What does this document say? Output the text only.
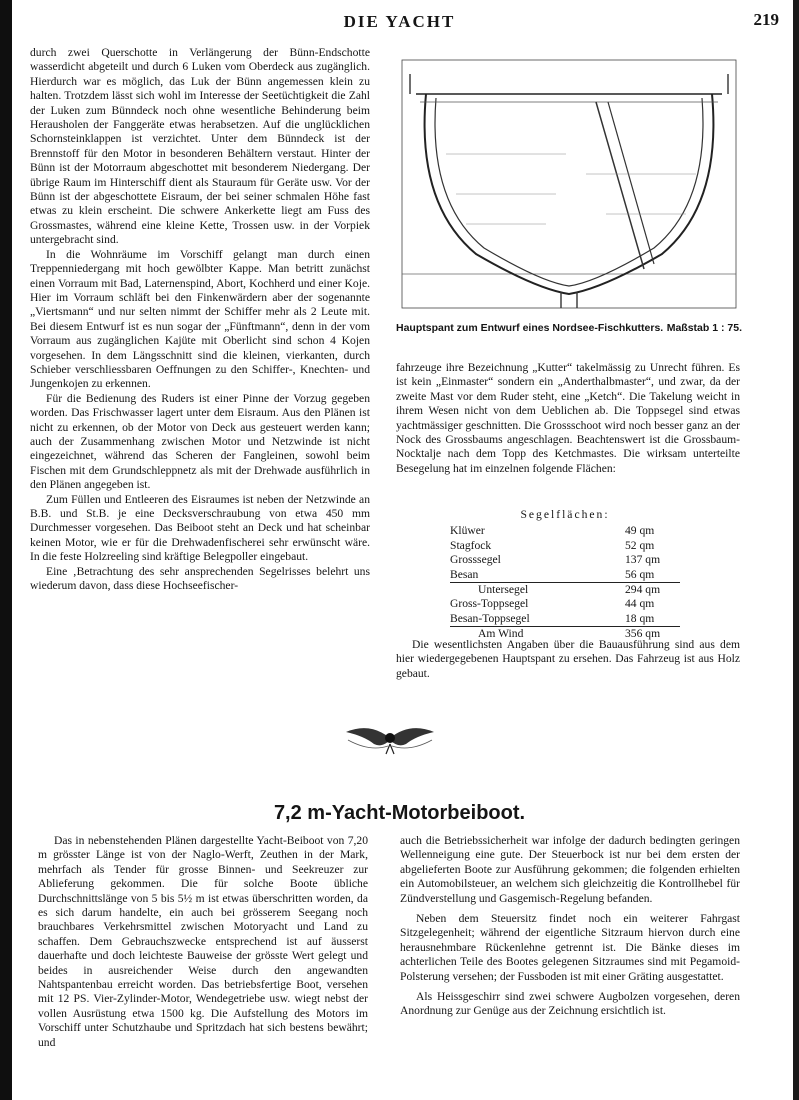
DIE YACHT	219

durch zwei Querschotte in Verlängerung der Bünn-Endschotte wasserdicht abgeteilt und durch 6 Luken vom Oberdeck aus zugänglich. Hierdurch war es möglich, das Luk der Bünn angemessen klein zu halten. Trotzdem lässt sich wohl im Interesse der Seetüchtigkeit die Zahl der Luken zum Bünndeck noch ohne wesentliche Behinderung beim Herausholen der Fanggeräte etwas herabsetzen. Auf die unglücklichen Schornsteinklappen ist verzichtet. Unter dem Bünndeck ist der Brennstoff für den Motor in besonderen Behältern verstaut. Hinter der Bünn ist der Motorraum abgeschottet mit besonderem Niedergang. Der übrige Raum im Hinterschiff dient als Stauraum für Geräte usw. Vor der Bünn ist der abgeschottete Eisraum, der bei seiner schmalen Höhe fast etwas zu klein erscheint. Die schwere Ankerkette liegt am Fuss des Grossmastes, während eine kleine Kette, Trossen usw. in der Vorpiek untergebracht sind.

In die Wohnräume im Vorschiff gelangt man durch einen Treppenniedergang mit hoch gewölbter Kappe. Man betritt zunächst einen Vorraum mit Bad, Laternenspind, Abort, Kochherd und einer Koje. Hier im Vorraum schläft bei den Finkenwärdern aber der sogenannte „Viertsmann“ und nur selten nimmt der Schiffer mehr als 2 Leute mit. Bei diesem Entwurf ist es nun sogar der „Fünftmann“, denn in der vom Vorraum aus zugänglichen Kajüte mit Oberlicht sind schon 4 Kojen vorgesehen. In dem Längsschnitt sind die kleinen, vierkanten, durch Schieber verschliessbaren Oeffnungen zu den Schiffer-, Knechten- und Jungenkojen zu erkennen.

Für die Bedienung des Ruders ist einer Pinne der Vorzug gegeben worden. Das Frischwasser lagert unter dem Eisraum. Aus den Plänen ist nicht zu erkennen, ob der Motor von Deck aus gesteuert werden kann; auch der Zusammenhang zwischen Motor und Netzwinde ist nicht eingezeichnet, während das Scheren der Fangleinen, sowohl beim Fischen mit dem Grundschleppnetz als mit der Drehwade ausführlich in den Plänen angegeben ist.

Zum Füllen und Entleeren des Eisraumes ist neben der Netzwinde an B.B. und St.B. je eine Decksverschraubung von etwa 450 mm Durchmesser vorgesehen. Das Beiboot steht an Deck und hat scheinbar keinen Motor, wie er für die Drehwadenfischerei sehr erwünscht wäre. In die feste Holzreeling sind kräftige Belegpoller eingebaut.

Eine ‚Betrachtung des sehr ansprechenden Segelrisses belehrt uns wiederum davon, dass diese Hochseefischer-

Hauptspant zum Entwurf eines Nordsee-Fischkutters. Maßstab 1 : 75.

fahrzeuge ihre Bezeichnung „Kutter“ takelmässig zu Unrecht führen. Es ist kein „Einmaster“ sondern ein „Anderthalbmaster“, und zwar, da der zweite Mast vor dem Ruder steht, eine „Ketch“. Die Takelung weicht in ihrem Wesen nicht von dem Ueblichen ab. Die Toppsegel sind etwas yachtmässiger geschnitten. Die Grossschoot wird noch besser ganz an der Nock des Grossbaums angeschlagen. Beachtenswert ist die Grossbaum-Nocktalje nach dem Topp des Ketchmastes. Die wirksam unterteilte Besegelung hat im einzelnen folgende Flächen:

Segelflächen:
Klüwer	49 qm
Stagfock	52 qm
Grosssegel	137 qm
Besan	56 qm
Untersegel	294 qm
Gross-Toppsegel	44 qm
Besan-Toppsegel	18 qm
Am Wind	356 qm

Die wesentlichsten Angaben über die Bauausführung sind aus dem hier wiedergegebenen Hauptspant zu ersehen. Das Fahrzeug ist aus Holz gebaut.

7,2 m-Yacht-Motorbeiboot.

Das in nebenstehenden Plänen dargestellte Yacht-Beiboot von 7,20 m grösster Länge ist von der Naglo-Werft, Zeuthen in der Mark, mehrfach als Tender für grosse Binnen- und Seekreuzer zur Ablieferung gekommen. Die für solche Boote übliche Durchschnittslänge von 5 bis 5½ m ist etwas überschritten worden, da es sich darum handelte, ein auch bei grösserem Seegang noch brauchbares Verkehrsmittel zwischen Motoryacht und Land zu schaffen. Dem Gebrauchszwecke entsprechend ist auf äusserst dauerhafte und doch leichteste Bauweise der grösste Wert gelegt und beides in ausreichender Weise durch den angewandten Nahtspantenbau erreicht worden. Das betriebsfertige Boot, versehen mit 12 PS. Vier-Zylinder-Motor, Wendegetriebe usw. wiegt nebst der vollen Ausrüstung etwa 1500 kg. Die Aufstellung des Motors im Vorschiff unter Schutzhaube und Spritzdach hat sich bestens bewährt; und

auch die Betriebssicherheit war infolge der dadurch bedingten geringen Wellenneigung eine gute. Der Steuerbock ist nur bei dem ersten der abgelieferten Boote zur Ausführung gekommen; die folgenden erhielten ein Automobilsteuer, an welchem sich gleichzeitig die Kontrollhebel für Zündverstellung und Gasgemisch-Regelung befanden.

Neben dem Steuersitz findet noch ein weiterer Fahrgast Sitzgelegenheit; während der eigentliche Sitzraum hiervon durch eine herausnehmbare Rückenlehne getrennt ist. Die Bänke dieses im achterlichen Teile des Bootes gelegenen Sitzraumes sind mit Pegamoid-Polsterung versehen; der Fussboden ist mit einer Gräting ausgestattet.

Als Heissgeschirr sind zwei schwere Augbolzen vorgesehen, deren Anordnung zur Genüge aus der Zeichnung ersichtlich ist.
